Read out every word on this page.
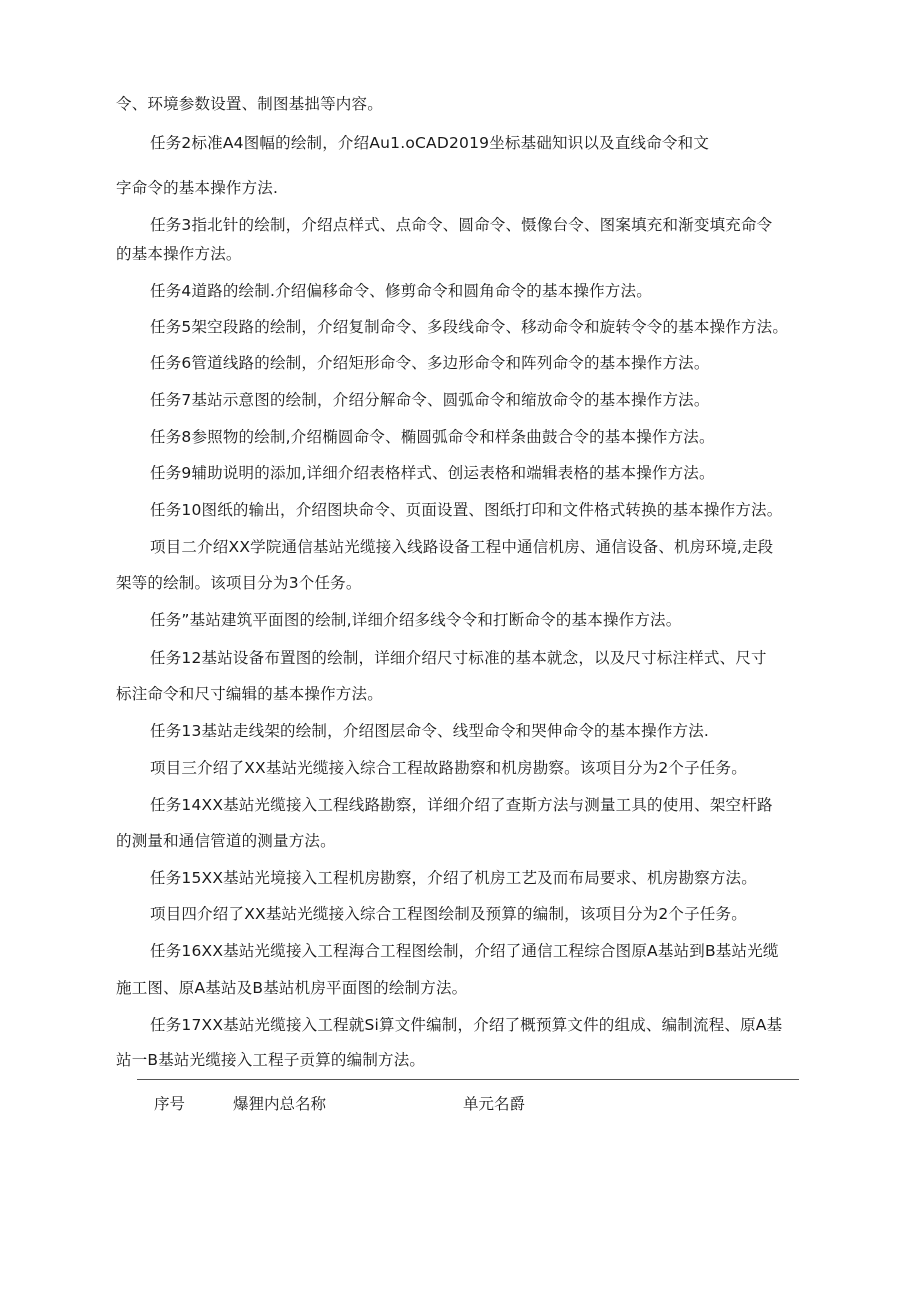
令、环境参数设置、制图基拙等内容。
任务2标准A4图幅的绘制，介绍Au1.oCAD2019坐标基础知识以及直线命令和文
字命令的基本操作方法.
任务3指北针的绘制，介绍点样式、点命令、圆命令、慑像台令、图案填充和渐变填充命令
的基本操作方法。
任务4道路的绘制.介绍偏移命令、修剪命令和圆角命令的基本操作方法。
任务5架空段路的绘制，介绍复制命令、多段线命令、移动命令和旋转令令的基本操作方法。
任务6管道线路的绘制，介绍矩形命令、多边形命令和阵列命令的基本操作方法。
任务7基站示意图的绘制，介绍分解命令、圆弧命令和缩放命令的基本操作方法。
任务8参照物的绘制,介绍椭圆命令、椭圆弧命令和样条曲鼓合令的基本操作方法。
任务9辅助说明的添加,详细介绍表格样式、创运表格和端辑表格的基本操作方法。
任务10图纸的输出，介绍图块命令、页面设置、图纸打印和文件格式转换的基本操作方法。
项目二介绍XX学院通信基站光缆接入线路设备工程中通信机房、通信设备、机房环境,走段
架等的绘制。该项目分为3个任务。
任务”基站建筑平面图的绘制,详细介绍多线令令和打断命令的基本操作方法。
任务12基站设备布置图的绘制，详细介绍尺寸标准的基本就念，以及尺寸标注样式、尺寸
标注命令和尺寸编辑的基本操作方法。
任务13基站走线架的绘制，介绍图层命令、线型命令和哭伸命令的基本操作方法.
项目三介绍了XX基站光缆接入综合工程故路勘察和机房勘察。该项目分为2个子任务。
任务14XX基站光缆接入工程线路勘察，详细介绍了查斯方法与测量工具的使用、架空杆路
的测量和通信管道的测量方法。
任务15XX基站光境接入工程机房勘察，介绍了机房工艺及而布局要求、机房勘察方法。
项目四介绍了XX基站光缆接入综合工程图绘制及预算的编制，该项目分为2个子任务。
任务16XX基站光缆接入工程海合工程图绘制，介绍了通信工程综合图原A基站到B基站光缆
施工图、原A基站及B基站机房平面图的绘制方法。
任务17XX基站光缆接入工程就Si算文件编制，介绍了概预算文件的组成、编制流程、原A基
站一B基站光缆接入工程子贡算的编制方法。
序号	爆狸内总名称	单元名爵
